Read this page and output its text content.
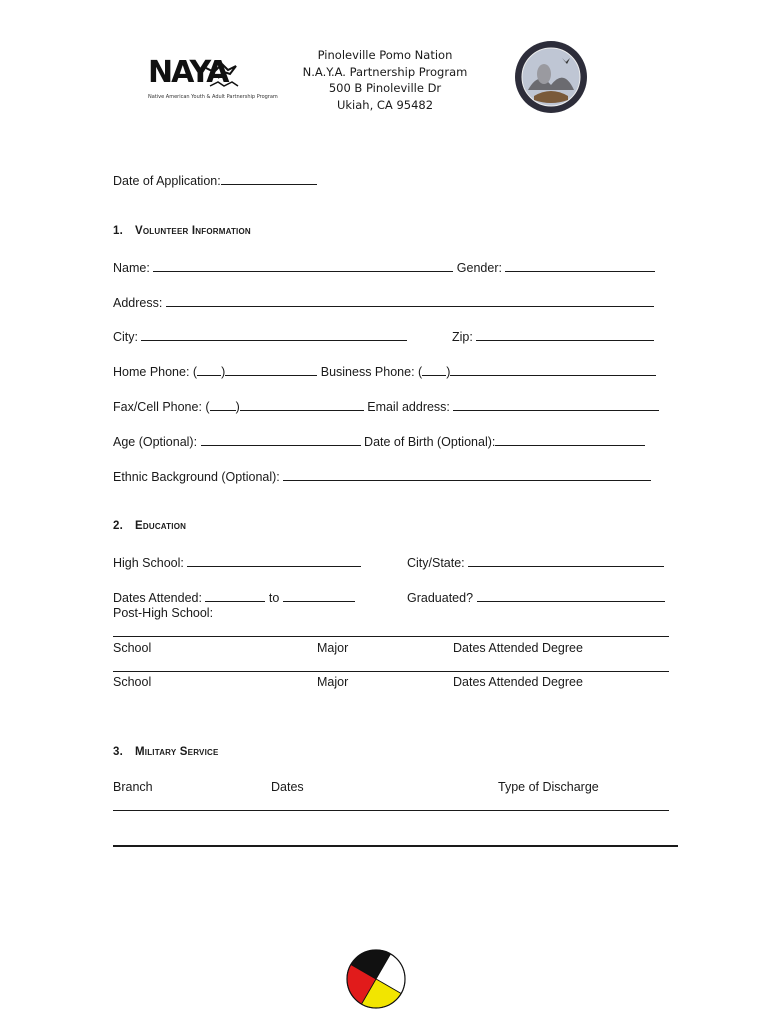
NAYA
Native American Youth & Adult Partnership Program
Pinoleville Pomo Nation
N.A.Y.A. Partnership Program
500 B Pinoleville Dr
Ukiah, CA 95482
Date of Application:
1. Volunteer Information
Name:	Gender:
Address:
City:	Zip:
Home Phone: ( )	Business Phone: ( )
Fax/Cell Phone: ( )	Email address:
Age (Optional):	Date of Birth (Optional):
Ethnic Background (Optional):
2. Education
High School:	City/State:
Dates Attended:	to	Graduated?
Post-High School:
School	Major	Dates Attended Degree
School	Major	Dates Attended Degree
3. Military Service
Branch	Dates	Type of Discharge
